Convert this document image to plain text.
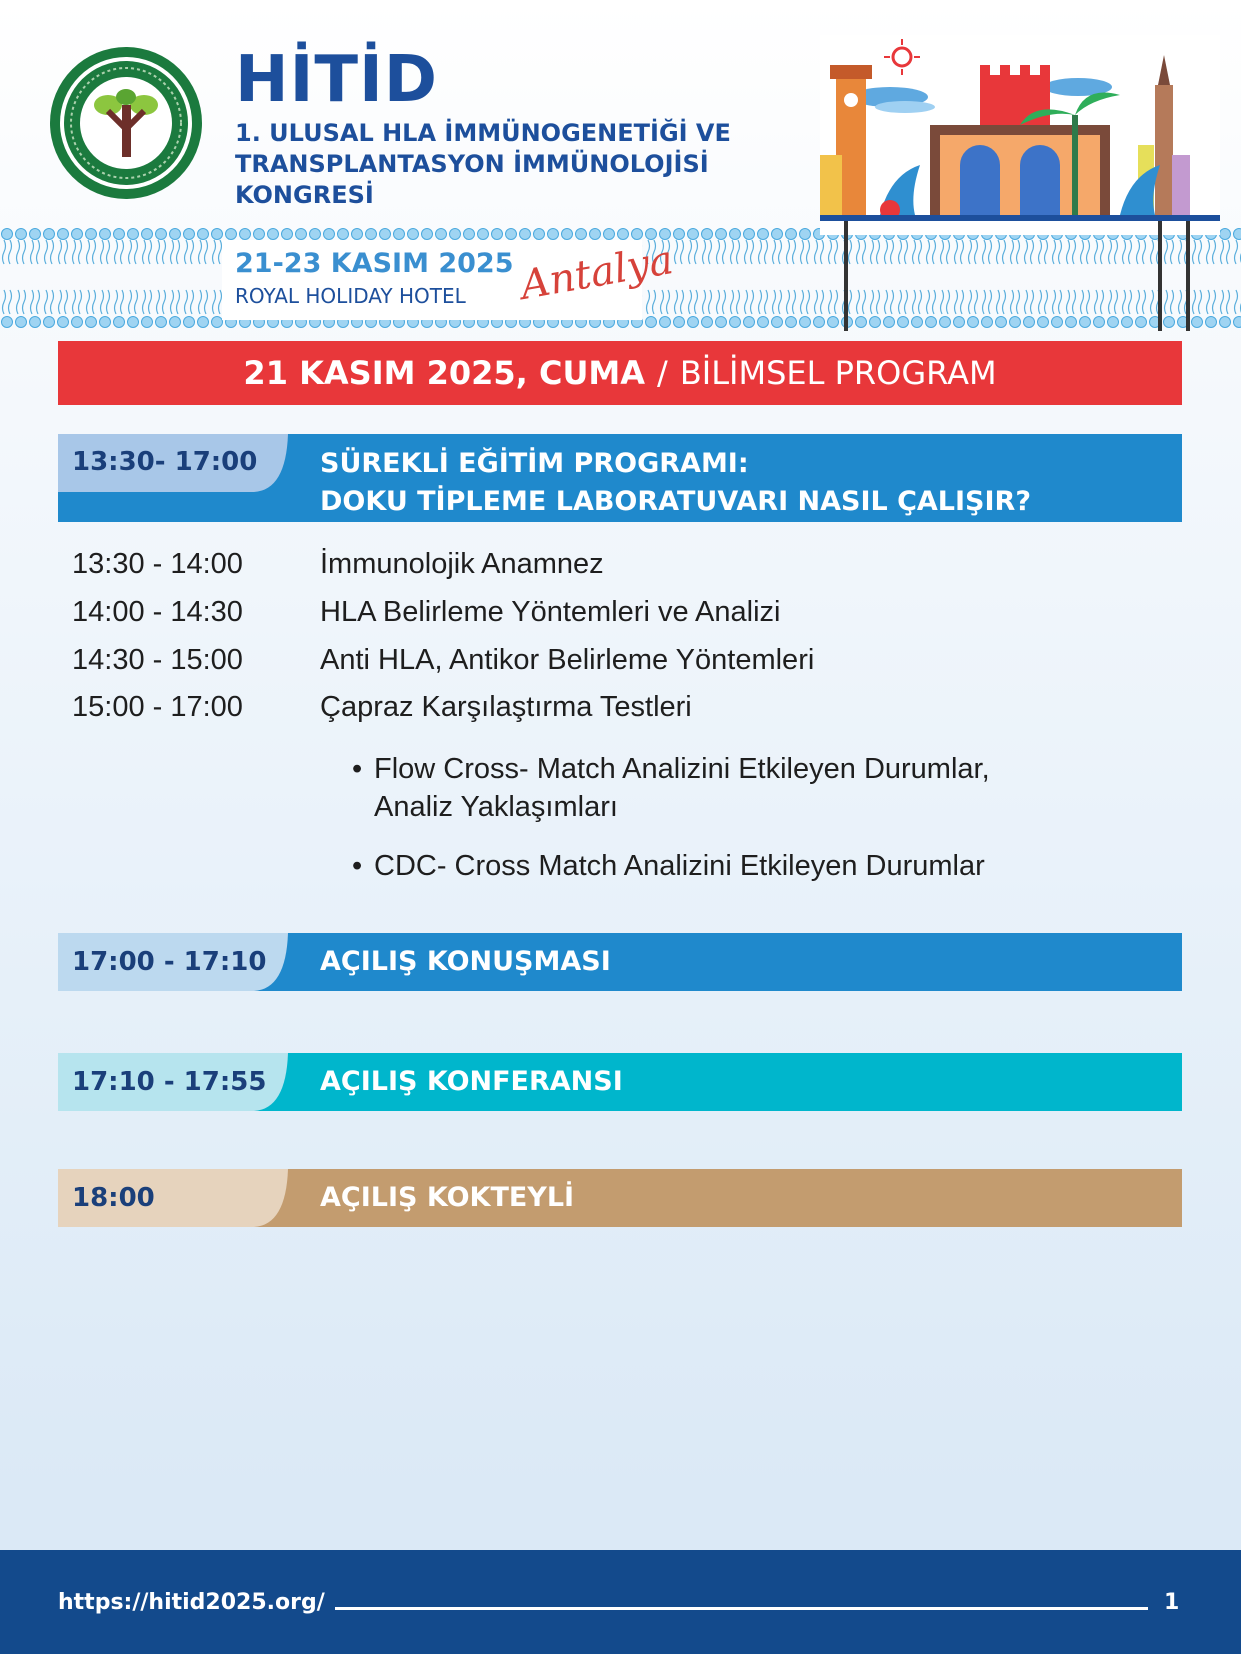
HİTİD
1. ULUSAL HLA İMMÜNOGENETİĞİ VE
TRANSPLANTASYON İMMÜNOLOJİSİ
KONGRESİ
21-23 KASIM 2025
ROYAL HOLIDAY HOTEL Antalya
21 KASIM 2025, CUMA / BİLİMSEL PROGRAM
13:30- 17:00	SÜREKLİ EĞİTİM PROGRAMI:
DOKU TİPLEME LABORATUVARI NASIL ÇALIŞIR?
13:30 - 14:00	İmmunolojik Anamnez
14:00 - 14:30	HLA Belirleme Yöntemleri ve Analizi
14:30 - 15:00	Anti HLA, Antikor Belirleme Yöntemleri
15:00 - 17:00	Çapraz Karşılaştırma Testleri
• Flow Cross- Match Analizini Etkileyen Durumlar,
Analiz Yaklaşımları
• CDC- Cross Match Analizini Etkileyen Durumlar
17:00 - 17:10	AÇILIŞ KONUŞMASI
17:10 - 17:55	AÇILIŞ KONFERANSI
18:00	AÇILIŞ KOKTEYLİ
https://hitid2025.org/	1
